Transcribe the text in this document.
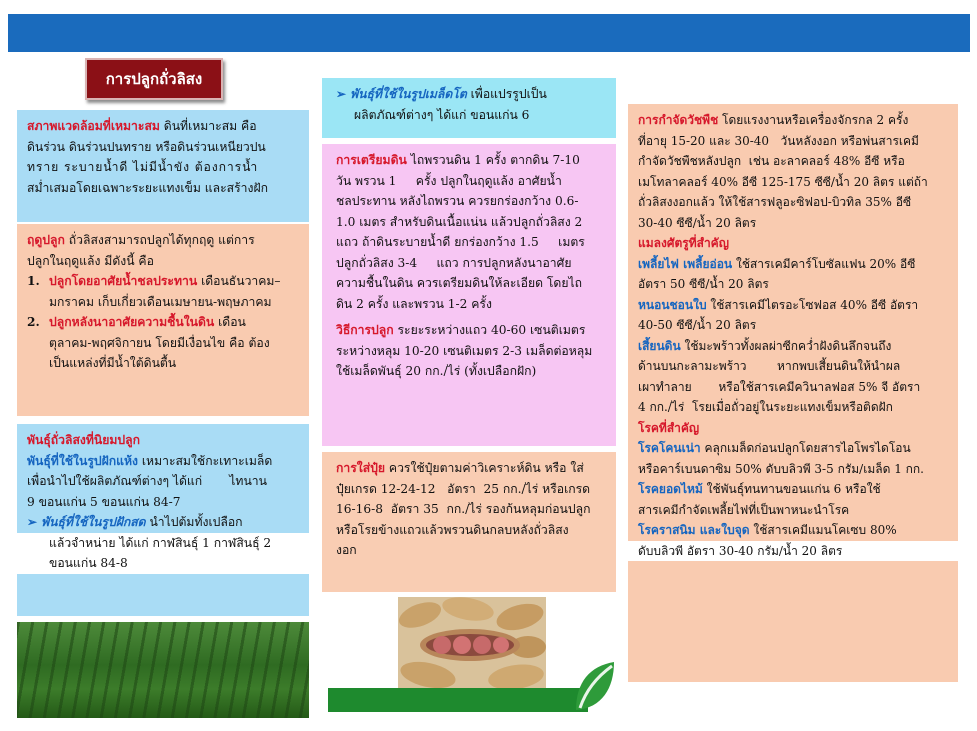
การปลูกถั่วลิสง

สภาพแวดล้อมที่เหมาะสม ดินที่เหมาะสม คือ

ดินร่วน ดินร่วนปนทราย หรือดินร่วนเหนียวปน

ทราย ระบายน้ำดี ไม่มีน้ำขัง ต้องการน้ำ

สม่ำเสมอโดยเฉพาะระยะแทงเข็ม และสร้างฝัก

ฤดูปลูก ถั่วลิสงสามารถปลูกได้ทุกฤดู แต่การ

ปลูกในฤดูแล้ง มีดังนี้ คือ

1. ปลูกโดยอาศัยน้ำชลประทาน เดือนธันวาคม–

มกราคม เก็บเกี่ยวเดือนเมษายน-พฤษภาคม

2. ปลูกหลังนาอาศัยความชื้นในดิน เดือน

ตุลาคม-พฤศจิกายน โดยมีเงื่อนไข คือ ต้อง

เป็นแหล่งที่มีน้ำใต้ดินตื้น

พันธุ์ถั่วลิสงที่นิยมปลูก

พันธุ์ที่ใช้ในรูปฝักแห้ง เหมาะสมใช้กะเทาะเมล็ด

เพื่อนำไปใช้ผลิตภัณฑ์ต่างๆ ได้แก่       ไทนาน

9 ขอนแก่น 5 ขอนแก่น 84-7

➢ พันธุ์ที่ใช้ในรูปฝักสด นำไปต้มทั้งเปลือก

แล้วจำหน่าย ได้แก่ กาฬสินธุ์ 1 กาฬสินธุ์ 2

ขอนแก่น 84-8

➢ พันธุ์ที่ใช้ในรูปเมล็ดโต เพื่อแปรรูปเป็น

ผลิตภัณฑ์ต่างๆ ได้แก่ ขอนแก่น 6

การเตรียมดิน ไถพรวนดิน 1 ครั้ง ตากดิน 7-10

วัน พรวน 1     ครั้ง ปลูกในฤดูแล้ง อาศัยน้ำ

ชลประทาน หลังไถพรวน ควรยกร่องกว้าง 0.6-

1.0 เมตร สำหรับดินเนื้อแน่น แล้วปลูกถั่วลิสง 2

แถว ถ้าดินระบายน้ำดี ยกร่องกว้าง 1.5     เมตร

ปลูกถั่วลิสง 3-4     แถว การปลูกหลังนาอาศัย

ความชื้นในดิน ควรเตรียมดินให้ละเอียด โดยไถ

ดิน 2 ครั้ง และพรวน 1-2 ครั้ง

วิธีการปลูก ระยะระหว่างแถว 40-60 เซนติเมตร

ระหว่างหลุม 10-20 เซนติเมตร 2-3 เมล็ดต่อหลุม

ใช้เมล็ดพันธุ์ 20 กก./ไร่ (ทั้งเปลือกฝัก)

การใส่ปุ๋ย ควรใช้ปุ๋ยตามค่าวิเคราะห์ดิน หรือ ใส่

ปุ๋ยเกรด 12-24-12   อัตรา  25 กก./ไร่ หรือเกรด

16-16-8  อัตรา 35  กก./ไร่ รองก้นหลุมก่อนปลูก

หรือโรยข้างแถวแล้วพรวนดินกลบหลังถั่วลิสง

งอก

การกำจัดวัชพืช โดยแรงงานหรือเครื่องจักรกล 2 ครั้ง

ที่อายุ 15-20 และ 30-40   วันหลังงอก หรือพ่นสารเคมี

กำจัดวัชพืชหลังปลูก  เช่น อะลาคลอร์ 48% อีซี หรือ

เมโทลาคลอร์ 40% อีซี 125-175 ซีซี/น้ำ 20 ลิตร แต่ถ้า

ถั่วลิสงงอกแล้ว ให้ใช้สารฟลูอะซิฟอป-บิวทิล 35% อีซี

30-40 ซีซี/น้ำ 20 ลิตร

แมลงศัตรูที่สำคัญ

เพลี้ยไฟ เพลี้ยอ่อน ใช้สารเคมีคาร์โบซัลแฟน 20% อีซี

อัตรา 50 ซีซี/น้ำ 20 ลิตร

หนอนชอนใบ ใช้สารเคมีไตรอะโซฟอส 40% อีซี อัตรา

40-50 ซีซี/น้ำ 20 ลิตร

เสี้ยนดิน ใช้มะพร้าวทั้งผลผ่าซีกคว่ำฝังดินลึกจนถึง

ด้านบนกะลามะพร้าว        หากพบเสี้ยนดินให้นำผล

เผาทำลาย       หรือใช้สารเคมีควินาลฟอส 5% จี อัตรา

4 กก./ไร่  โรยเมื่อถั่วอยู่ในระยะแทงเข็มหรือติดฝัก

โรคที่สำคัญ

โรคโคนเน่า คลุกเมล็ดก่อนปลูกโดยสารไอโพรไดโอน

หรือคาร์เบนดาซิม 50% ดับบลิวพี 3-5 กรัม/เมล็ด 1 กก.

โรคยอดไหม้ ใช้พันธุ์ทนทานขอนแก่น 6 หรือใช้

สารเคมีกำจัดเพลี้ยไฟที่เป็นพาหนะนำโรค

โรคราสนิม และใบจุด ใช้สารเคมีแมนโคเซบ 80%

ดับบลิวพี อัตรา 30-40 กรัม/น้ำ 20 ลิตร
